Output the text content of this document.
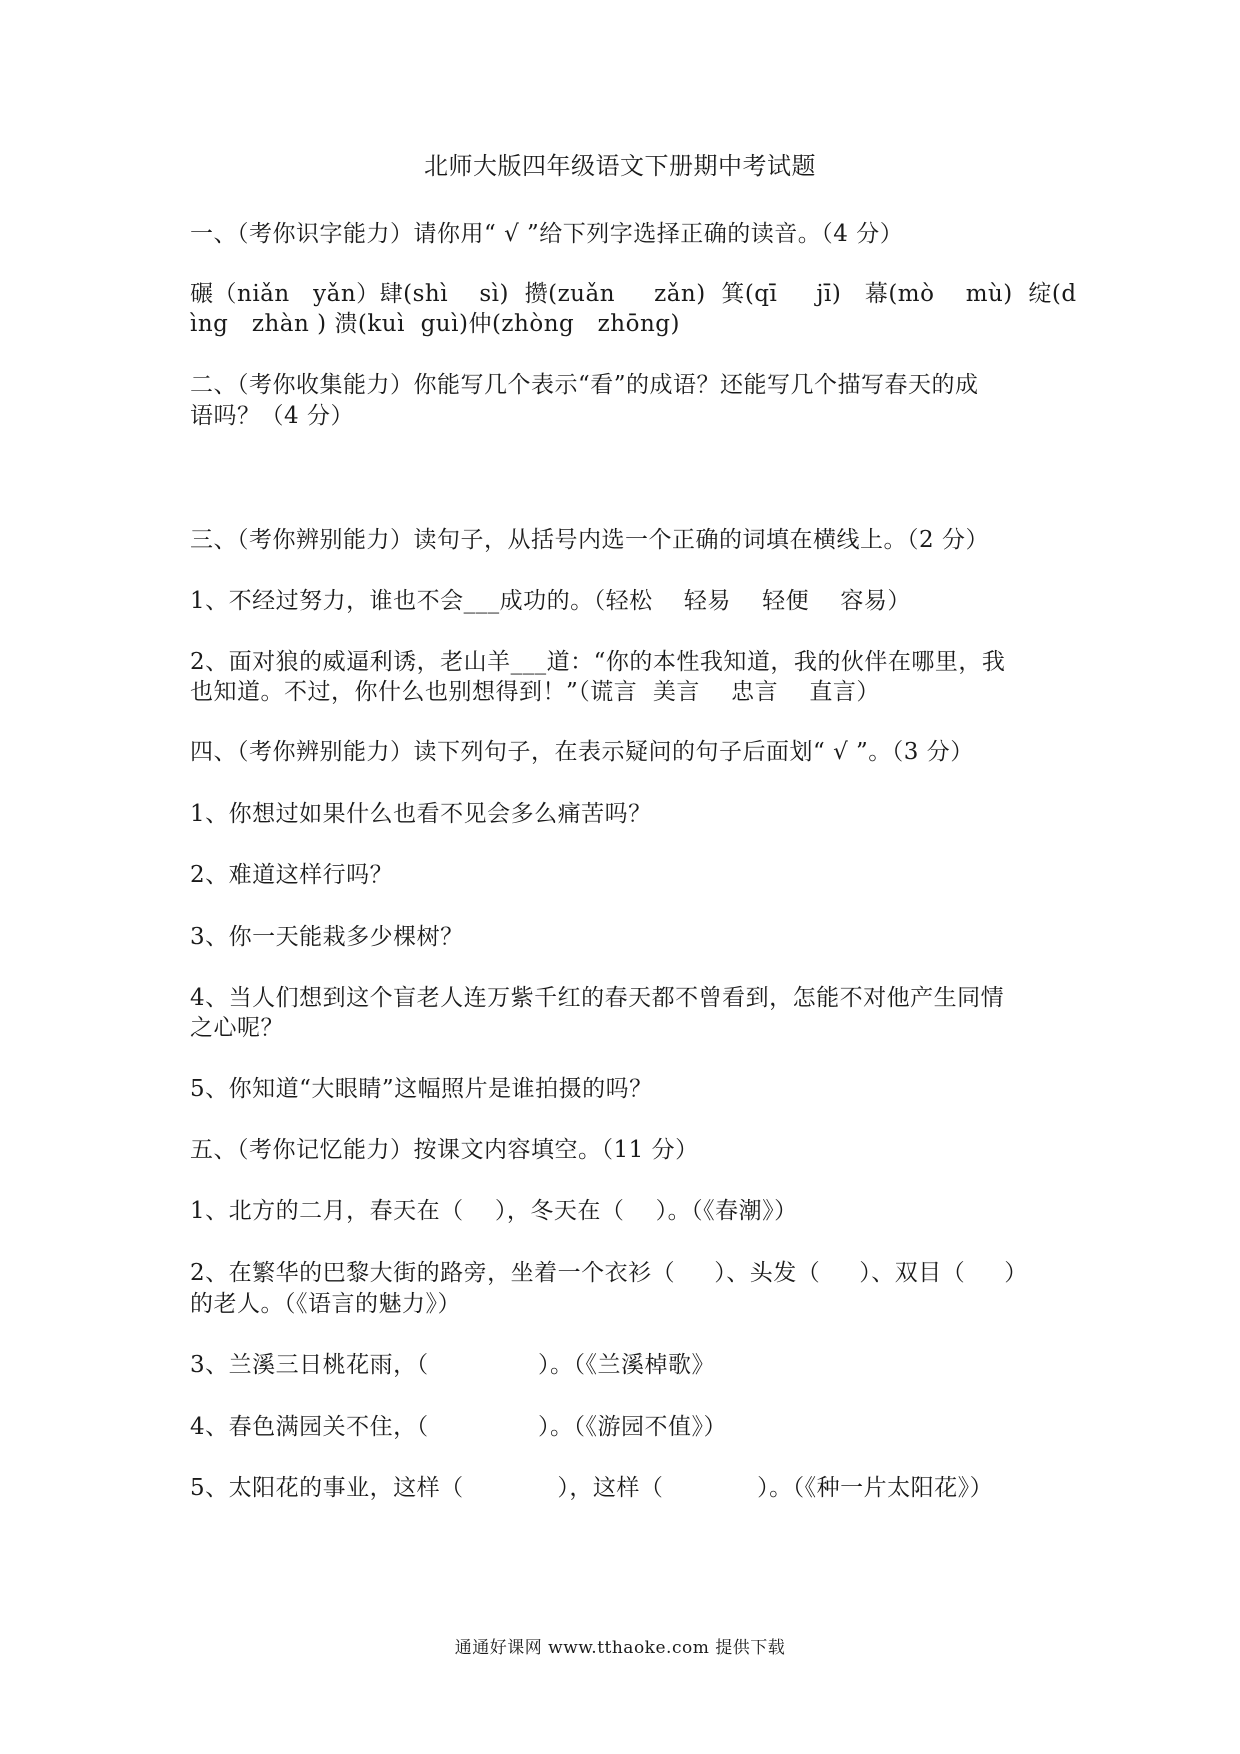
北师大版四年级语文下册期中考试题
一、（考你识字能力）请你用“ √ ”给下列字选择正确的读音。（4 分）
碾（niǎn   yǎn）肆(shì    sì)  攒(zuǎn     zǎn)  箕(qī     jī)   幕(mò    mù)  绽(d
ìng   zhàn ) 溃(kuì  guì)仲(zhòng   zhōng)
二、（考你收集能力）你能写几个表示“看”的成语？还能写几个描写春天的成
语吗？（4 分）
三、（考你辨别能力）读句子，从括号内选一个正确的词填在横线上。（2 分）
1、不经过努力，谁也不会___成功的。（轻松    轻易    轻便    容易）
2、面对狼的威逼利诱，老山羊___道：“你的本性我知道，我的伙伴在哪里，我
也知道。不过，你什么也别想得到！”（谎言  美言    忠言    直言）
四、（考你辨别能力）读下列句子，在表示疑问的句子后面划“ √ ”。（3 分）
1、你想过如果什么也看不见会多么痛苦吗？
2、难道这样行吗？
3、你一天能栽多少棵树？
4、当人们想到这个盲老人连万紫千红的春天都不曾看到，怎能不对他产生同情
之心呢？
5、你知道“大眼睛”这幅照片是谁拍摄的吗？
五、（考你记忆能力）按课文内容填空。（11 分）
1、北方的二月，春天在（    ），冬天在（    ）。（《春潮》）
2、在繁华的巴黎大街的路旁，坐着一个衣衫（     ）、头发（     ）、双目（     ）
的老人。（《语言的魅力》）
3、兰溪三日桃花雨，（              ）。（《兰溪棹歌》
4、春色满园关不住，（              ）。（《游园不值》）
5、太阳花的事业，这样（            ），这样（            ）。（《种一片太阳花》）
通通好课网 www.tthaoke.com 提供下载
